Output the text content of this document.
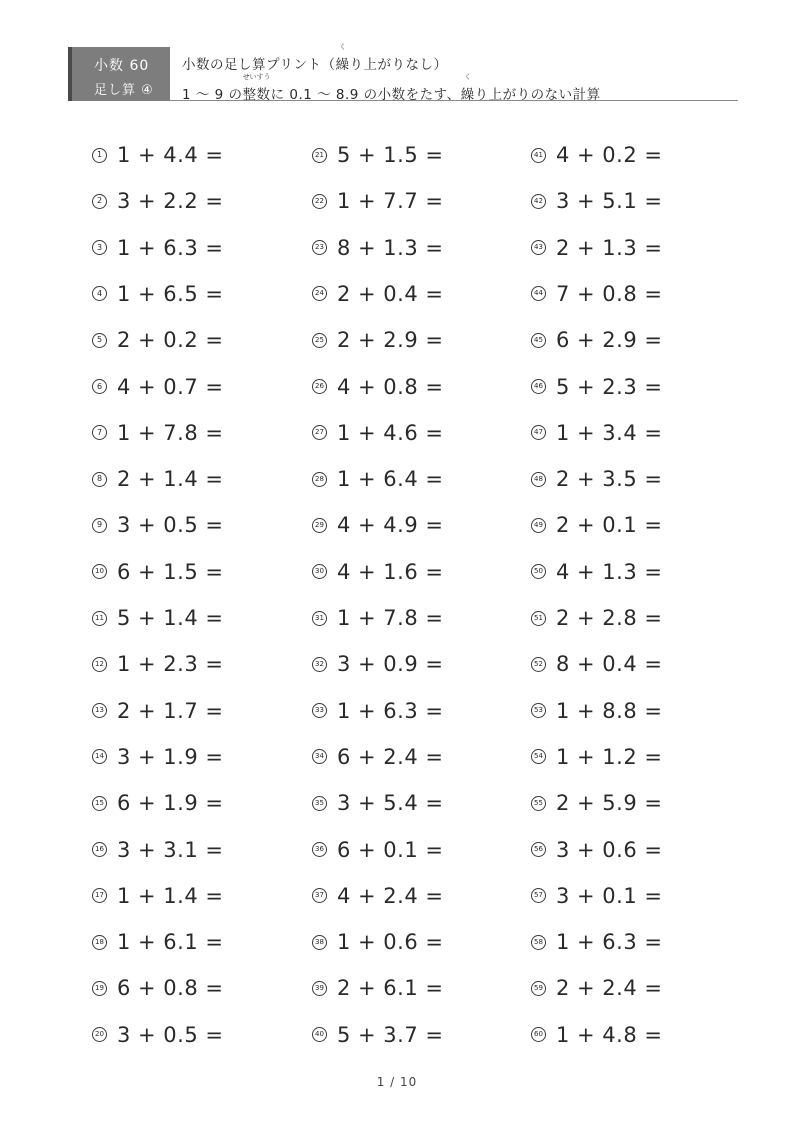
小数 60
足し算 ④
小数の足し算プリント（繰
く
り上がりなし）
1 ～ 9 の整数
せいすう
に 0.1 ～ 8.9 の小数をたす、繰
く
り上がりのない計算
1 1 + 4.4 =
2 3 + 2.2 =
3 1 + 6.3 =
4 1 + 6.5 =
5 2 + 0.2 =
6 4 + 0.7 =
7 1 + 7.8 =
8 2 + 1.4 =
9 3 + 0.5 =
10 6 + 1.5 =
11 5 + 1.4 =
12 1 + 2.3 =
13 2 + 1.7 =
14 3 + 1.9 =
15 6 + 1.9 =
16 3 + 3.1 =
17 1 + 1.4 =
18 1 + 6.1 =
19 6 + 0.8 =
20 3 + 0.5 =
21 5 + 1.5 =
22 1 + 7.7 =
23 8 + 1.3 =
24 2 + 0.4 =
25 2 + 2.9 =
26 4 + 0.8 =
27 1 + 4.6 =
28 1 + 6.4 =
29 4 + 4.9 =
30 4 + 1.6 =
31 1 + 7.8 =
32 3 + 0.9 =
33 1 + 6.3 =
34 6 + 2.4 =
35 3 + 5.4 =
36 6 + 0.1 =
37 4 + 2.4 =
38 1 + 0.6 =
39 2 + 6.1 =
40 5 + 3.7 =
41 4 + 0.2 =
42 3 + 5.1 =
43 2 + 1.3 =
44 7 + 0.8 =
45 6 + 2.9 =
46 5 + 2.3 =
47 1 + 3.4 =
48 2 + 3.5 =
49 2 + 0.1 =
50 4 + 1.3 =
51 2 + 2.8 =
52 8 + 0.4 =
53 1 + 8.8 =
54 1 + 1.2 =
55 2 + 5.9 =
56 3 + 0.6 =
57 3 + 0.1 =
58 1 + 6.3 =
59 2 + 2.4 =
60 1 + 4.8 =
1 / 10
